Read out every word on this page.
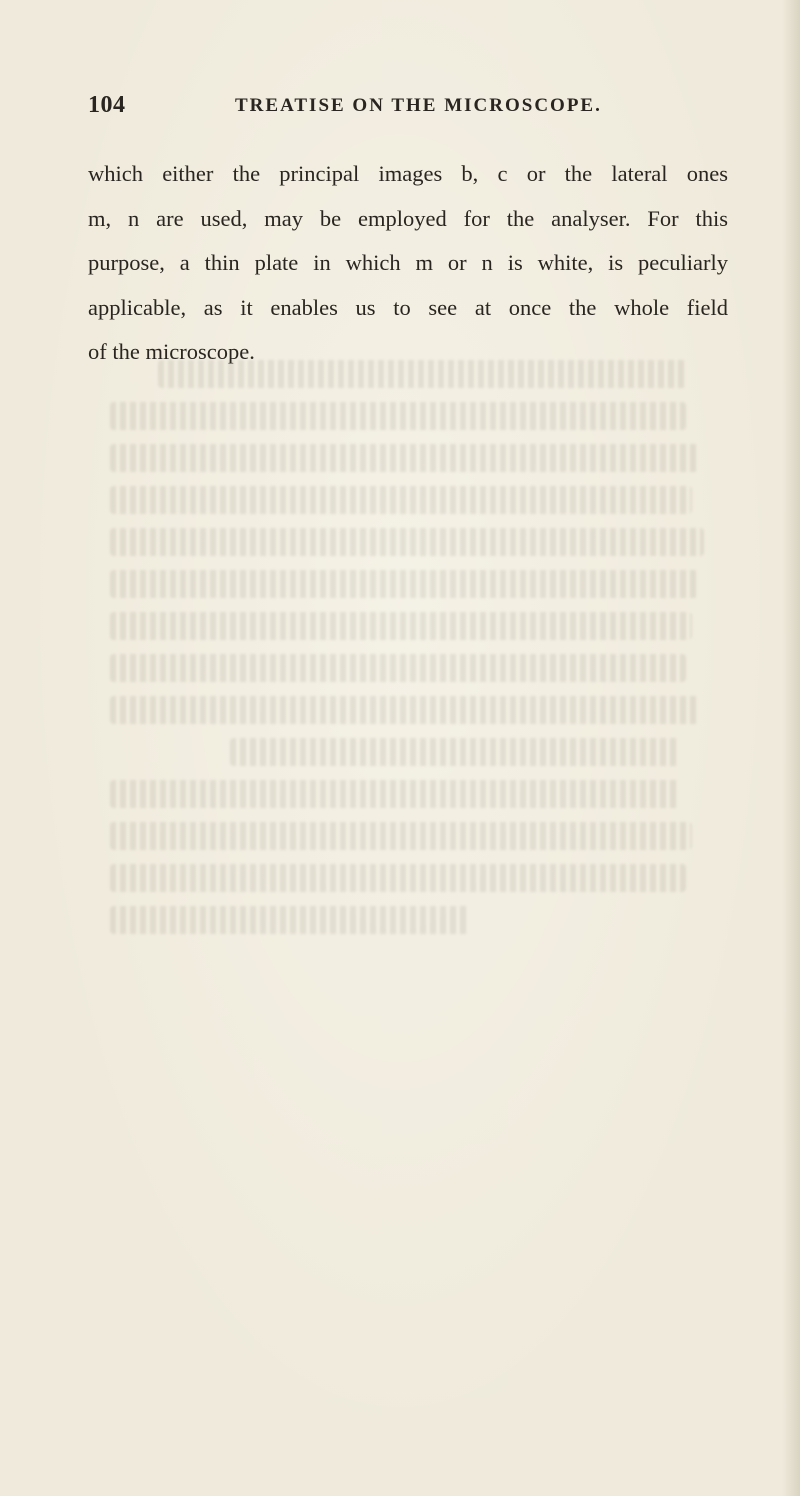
104	TREATISE ON THE MICROSCOPE.
which either the principal images b, c or the lateral ones
m, n are used, may be employed for the analyser. For this
purpose, a thin plate in which m or n is white, is peculiarly
applicable, as it enables us to see at once the whole field
of the microscope.
